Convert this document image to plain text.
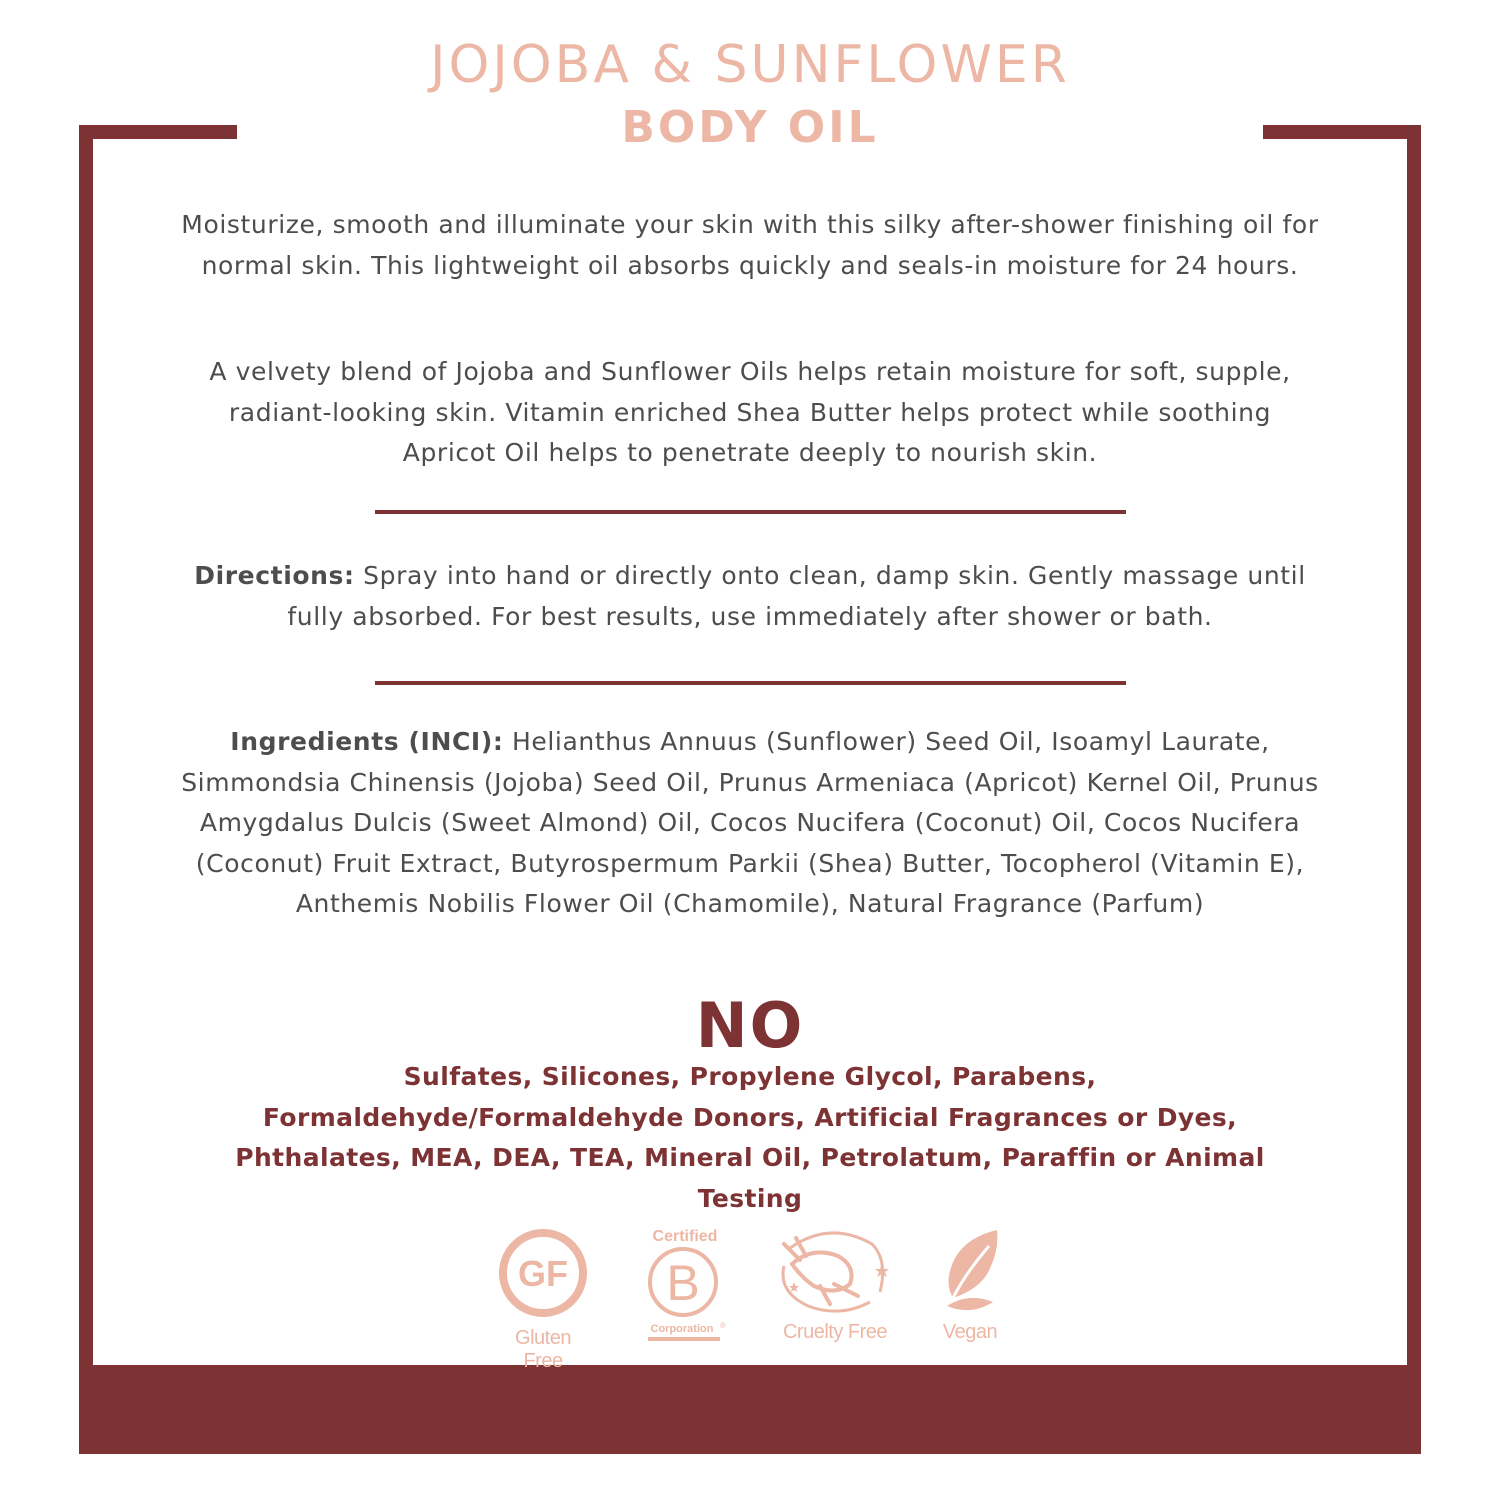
JOJOBA & SUNFLOWER
BODY OIL
Moisturize, smooth and illuminate your skin with this silky after-shower finishing oil for normal skin. This lightweight oil absorbs quickly and seals-in moisture for 24 hours.
A velvety blend of Jojoba and Sunflower Oils helps retain moisture for soft, supple, radiant-looking skin. Vitamin enriched Shea Butter helps protect while soothing Apricot Oil helps to penetrate deeply to nourish skin.
Directions: Spray into hand or directly onto clean, damp skin. Gently massage until fully absorbed. For best results, use immediately after shower or bath.
Ingredients (INCI): Helianthus Annuus (Sunflower) Seed Oil, Isoamyl Laurate, Simmondsia Chinensis (Jojoba) Seed Oil, Prunus Armeniaca (Apricot) Kernel Oil, Prunus Amygdalus Dulcis (Sweet Almond) Oil, Cocos Nucifera (Coconut) Oil, Cocos Nucifera (Coconut) Fruit Extract, Butyrospermum Parkii (Shea) Butter, Tocopherol (Vitamin E), Anthemis Nobilis Flower Oil (Chamomile), Natural Fragrance (Parfum)
NO
Sulfates, Silicones, Propylene Glycol, Parabens, Formaldehyde/Formaldehyde Donors, Artificial Fragrances or Dyes, Phthalates, MEA, DEA, TEA, Mineral Oil, Petrolatum, Paraffin or Animal Testing
GF
Gluten Free
Certified
B
Corporation ®	Cruelty Free	Vegan
